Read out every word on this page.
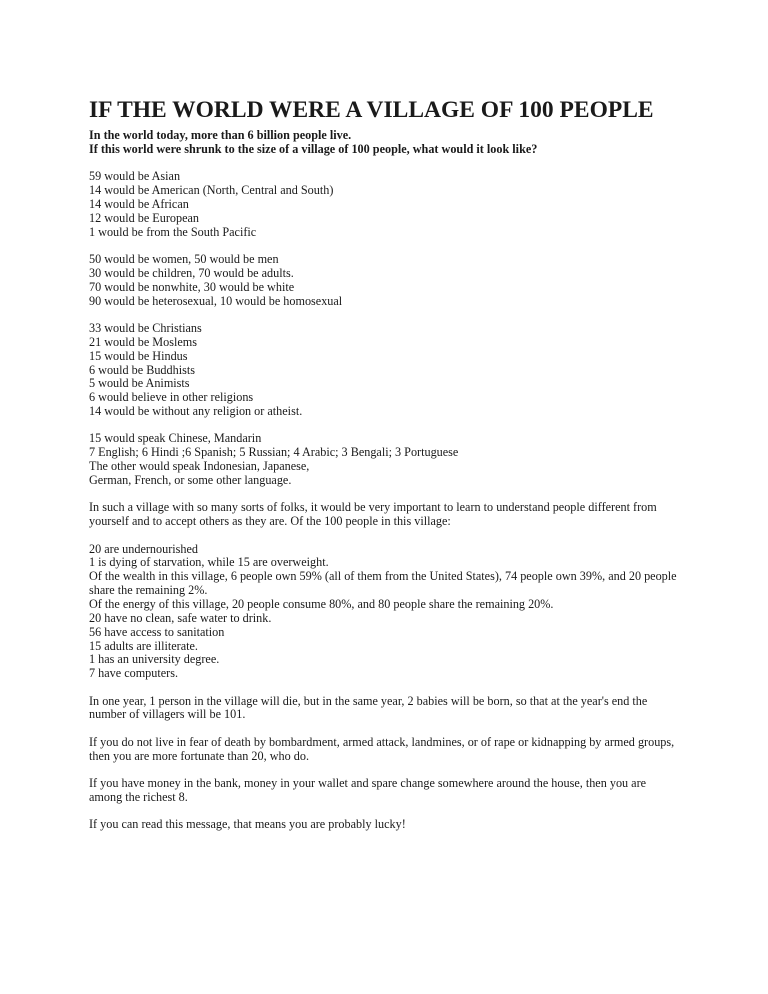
IF THE WORLD WERE A VILLAGE OF 100 PEOPLE
In the world today, more than 6 billion people live.
If this world were shrunk to the size of a village of 100 people, what would it look like?
59 would be Asian
14 would be American (North, Central and South)
14 would be African
12 would be European
1 would be from the South Pacific
50 would be women, 50 would be men
30 would be children, 70 would be adults.
70 would be nonwhite, 30 would be white
90 would be heterosexual, 10 would be homosexual
33 would be Christians
21 would be Moslems
15 would be Hindus
6 would be Buddhists
5 would be Animists
6 would believe in other religions
14 would be without any religion or atheist.
15 would speak Chinese, Mandarin
7 English; 6 Hindi ;6 Spanish; 5 Russian; 4 Arabic; 3 Bengali; 3 Portuguese
The other would speak Indonesian, Japanese,
German, French, or some other language.

In such a village with so many sorts of folks, it would be very important to learn to understand people different from yourself and to accept others as they are. Of the 100 people in this village:

20 are undernourished
1 is dying of starvation, while 15 are overweight.
Of the wealth in this village, 6 people own 59% (all of them from the United States), 74 people own 39%, and 20 people share the remaining 2%.
Of the energy of this village, 20 people consume 80%, and 80 people share the remaining 20%.
20 have no clean, safe water to drink.
56 have access to sanitation
15 adults are illiterate.
1 has an university degree.
7 have computers.

In one year, 1 person in the village will die, but in the same year, 2 babies will be born, so that at the year's end the number of villagers will be 101.

If you do not live in fear of death by bombardment, armed attack, landmines, or of rape or kidnapping by armed groups, then you are more fortunate than 20, who do.

If you have money in the bank, money in your wallet and spare change somewhere around the house, then you are among the richest 8.

If you can read this message, that means you are probably lucky!
